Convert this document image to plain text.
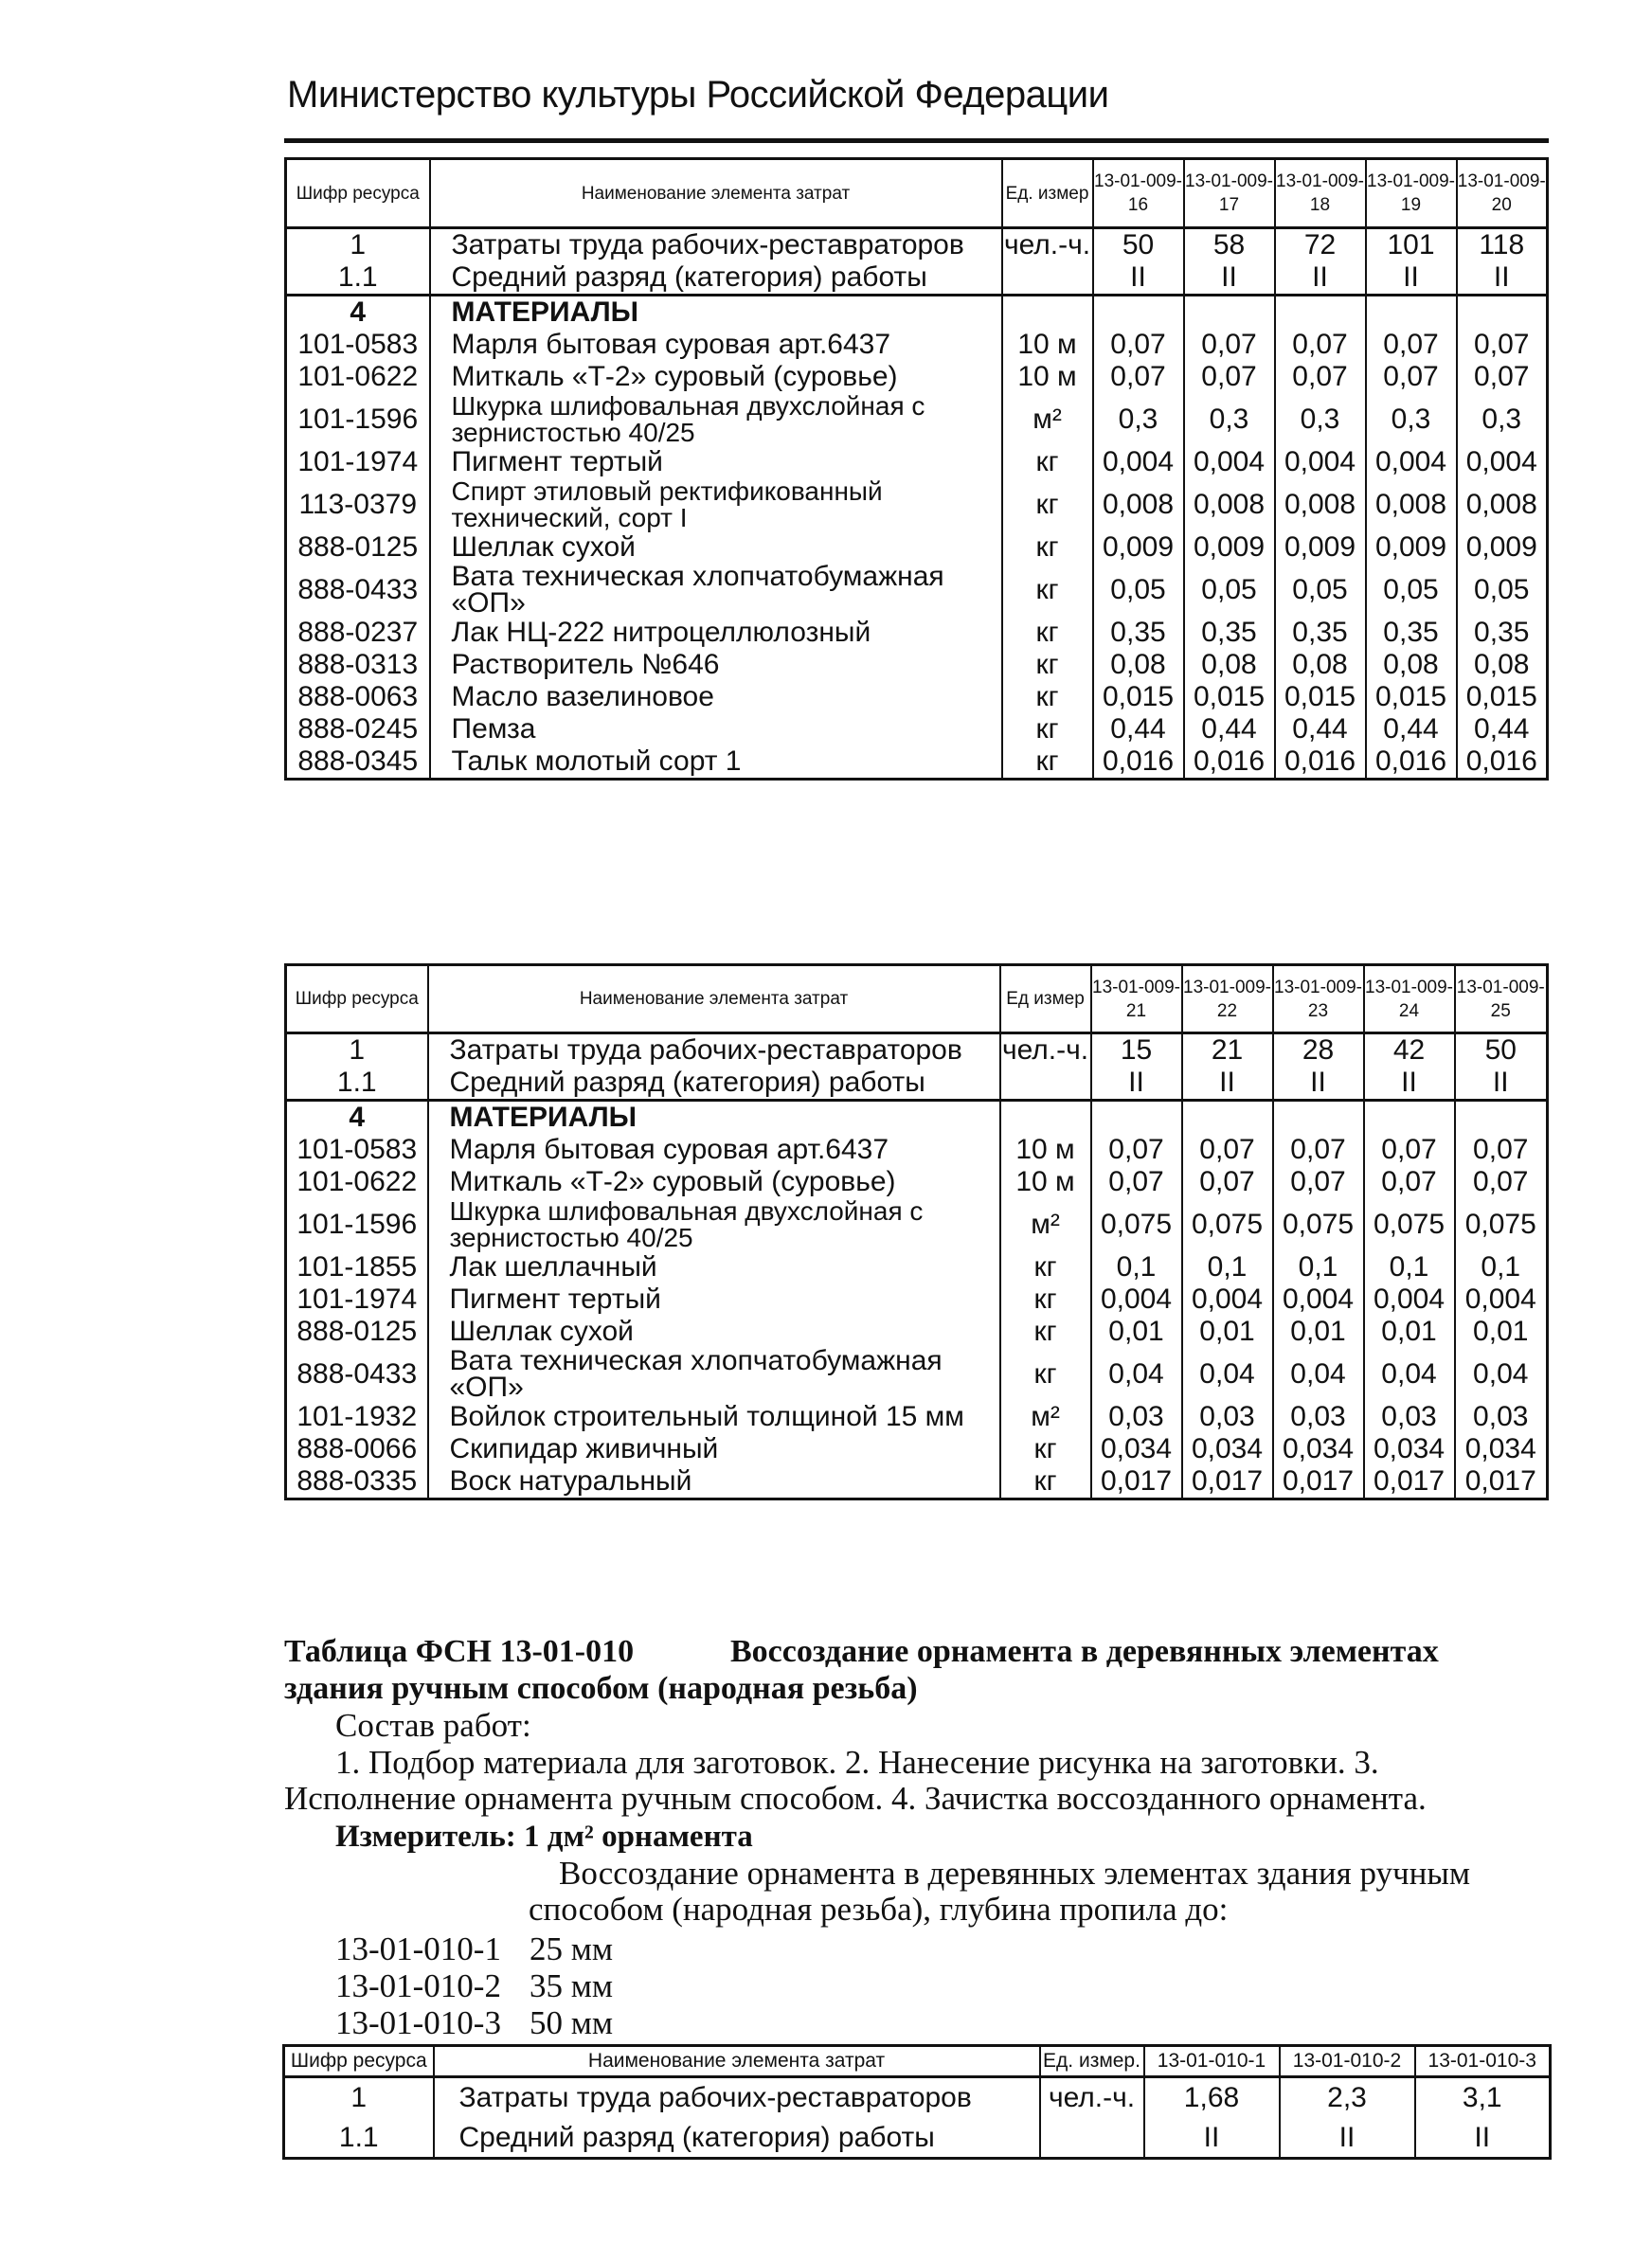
Министерство культуры Российской Федерации
Шифр ресурса	Наименование элемента затрат	Ед. измер	13-01-009-16	13-01-009-17	13-01-009-18	13-01-009-19	13-01-009-20
1	Затраты труда рабочих-реставраторов	чел.-ч.	50	58	72	101	118
1.1	Средний разряд (категория) работы		II	II	II	II	II
4	МАТЕРИАЛЫ						
101-0583	Марля бытовая суровая арт.6437	10 м	0,07	0,07	0,07	0,07	0,07
101-0622	Миткаль «Т-2» суровый (суровье)	10 м	0,07	0,07	0,07	0,07	0,07
101-1596	Шкурка шлифовальная двухслойная с зернистостью 40/25	м²	0,3	0,3	0,3	0,3	0,3
101-1974	Пигмент тертый	кг	0,004	0,004	0,004	0,004	0,004
113-0379	Спирт этиловый ректификованный технический, сорт I	кг	0,008	0,008	0,008	0,008	0,008
888-0125	Шеллак сухой	кг	0,009	0,009	0,009	0,009	0,009
888-0433	Вата техническая хлопчатобумажная «ОП»	кг	0,05	0,05	0,05	0,05	0,05
888-0237	Лак НЦ-222 нитроцеллюлозный	кг	0,35	0,35	0,35	0,35	0,35
888-0313	Растворитель №646	кг	0,08	0,08	0,08	0,08	0,08
888-0063	Масло вазелиновое	кг	0,015	0,015	0,015	0,015	0,015
888-0245	Пемза	кг	0,44	0,44	0,44	0,44	0,44
888-0345	Тальк молотый сорт 1	кг	0,016	0,016	0,016	0,016	0,016
Шифр ресурса	Наименование элемента затрат	Ед измер	13-01-009-21	13-01-009-22	13-01-009-23	13-01-009-24	13-01-009-25
1	Затраты труда рабочих-реставраторов	чел.-ч.	15	21	28	42	50
1.1	Средний разряд (категория) работы		II	II	II	II	II
4	МАТЕРИАЛЫ						
101-0583	Марля бытовая суровая арт.6437	10 м	0,07	0,07	0,07	0,07	0,07
101-0622	Миткаль «Т-2» суровый (суровье)	10 м	0,07	0,07	0,07	0,07	0,07
101-1596	Шкурка шлифовальная двухслойная с зернистостью 40/25	м²	0,075	0,075	0,075	0,075	0,075
101-1855	Лак шеллачный	кг	0,1	0,1	0,1	0,1	0,1
101-1974	Пигмент тертый	кг	0,004	0,004	0,004	0,004	0,004
888-0125	Шеллак сухой	кг	0,01	0,01	0,01	0,01	0,01
888-0433	Вата техническая хлопчатобумажная «ОП»	кг	0,04	0,04	0,04	0,04	0,04
101-1932	Войлок строительный толщиной 15 мм	м²	0,03	0,03	0,03	0,03	0,03
888-0066	Скипидар живичный	кг	0,034	0,034	0,034	0,034	0,034
888-0335	Воск натуральный	кг	0,017	0,017	0,017	0,017	0,017
Таблица ФСН 13-01-010	Воссоздание орнамента в деревянных элементах здания ручным способом (народная резьба)
Состав работ:
1. Подбор материала для заготовок. 2. Нанесение рисунка на заготовки. 3. Исполнение орнамента ручным способом. 4. Зачистка воссозданного орнамента.
Измеритель: 1 дм² орнамента
Воссоздание орнамента в деревянных элементах здания ручным способом (народная резьба), глубина пропила до:
13-01-010-1 25 мм
13-01-010-2 35 мм
13-01-010-3 50 мм
Шифр ресурса	Наименование элемента затрат	Ед. измер.	13-01-010-1	13-01-010-2	13-01-010-3
1	Затраты труда рабочих-реставраторов	чел.-ч.	1,68	2,3	3,1
1.1	Средний разряд (категория) работы		II	II	II
